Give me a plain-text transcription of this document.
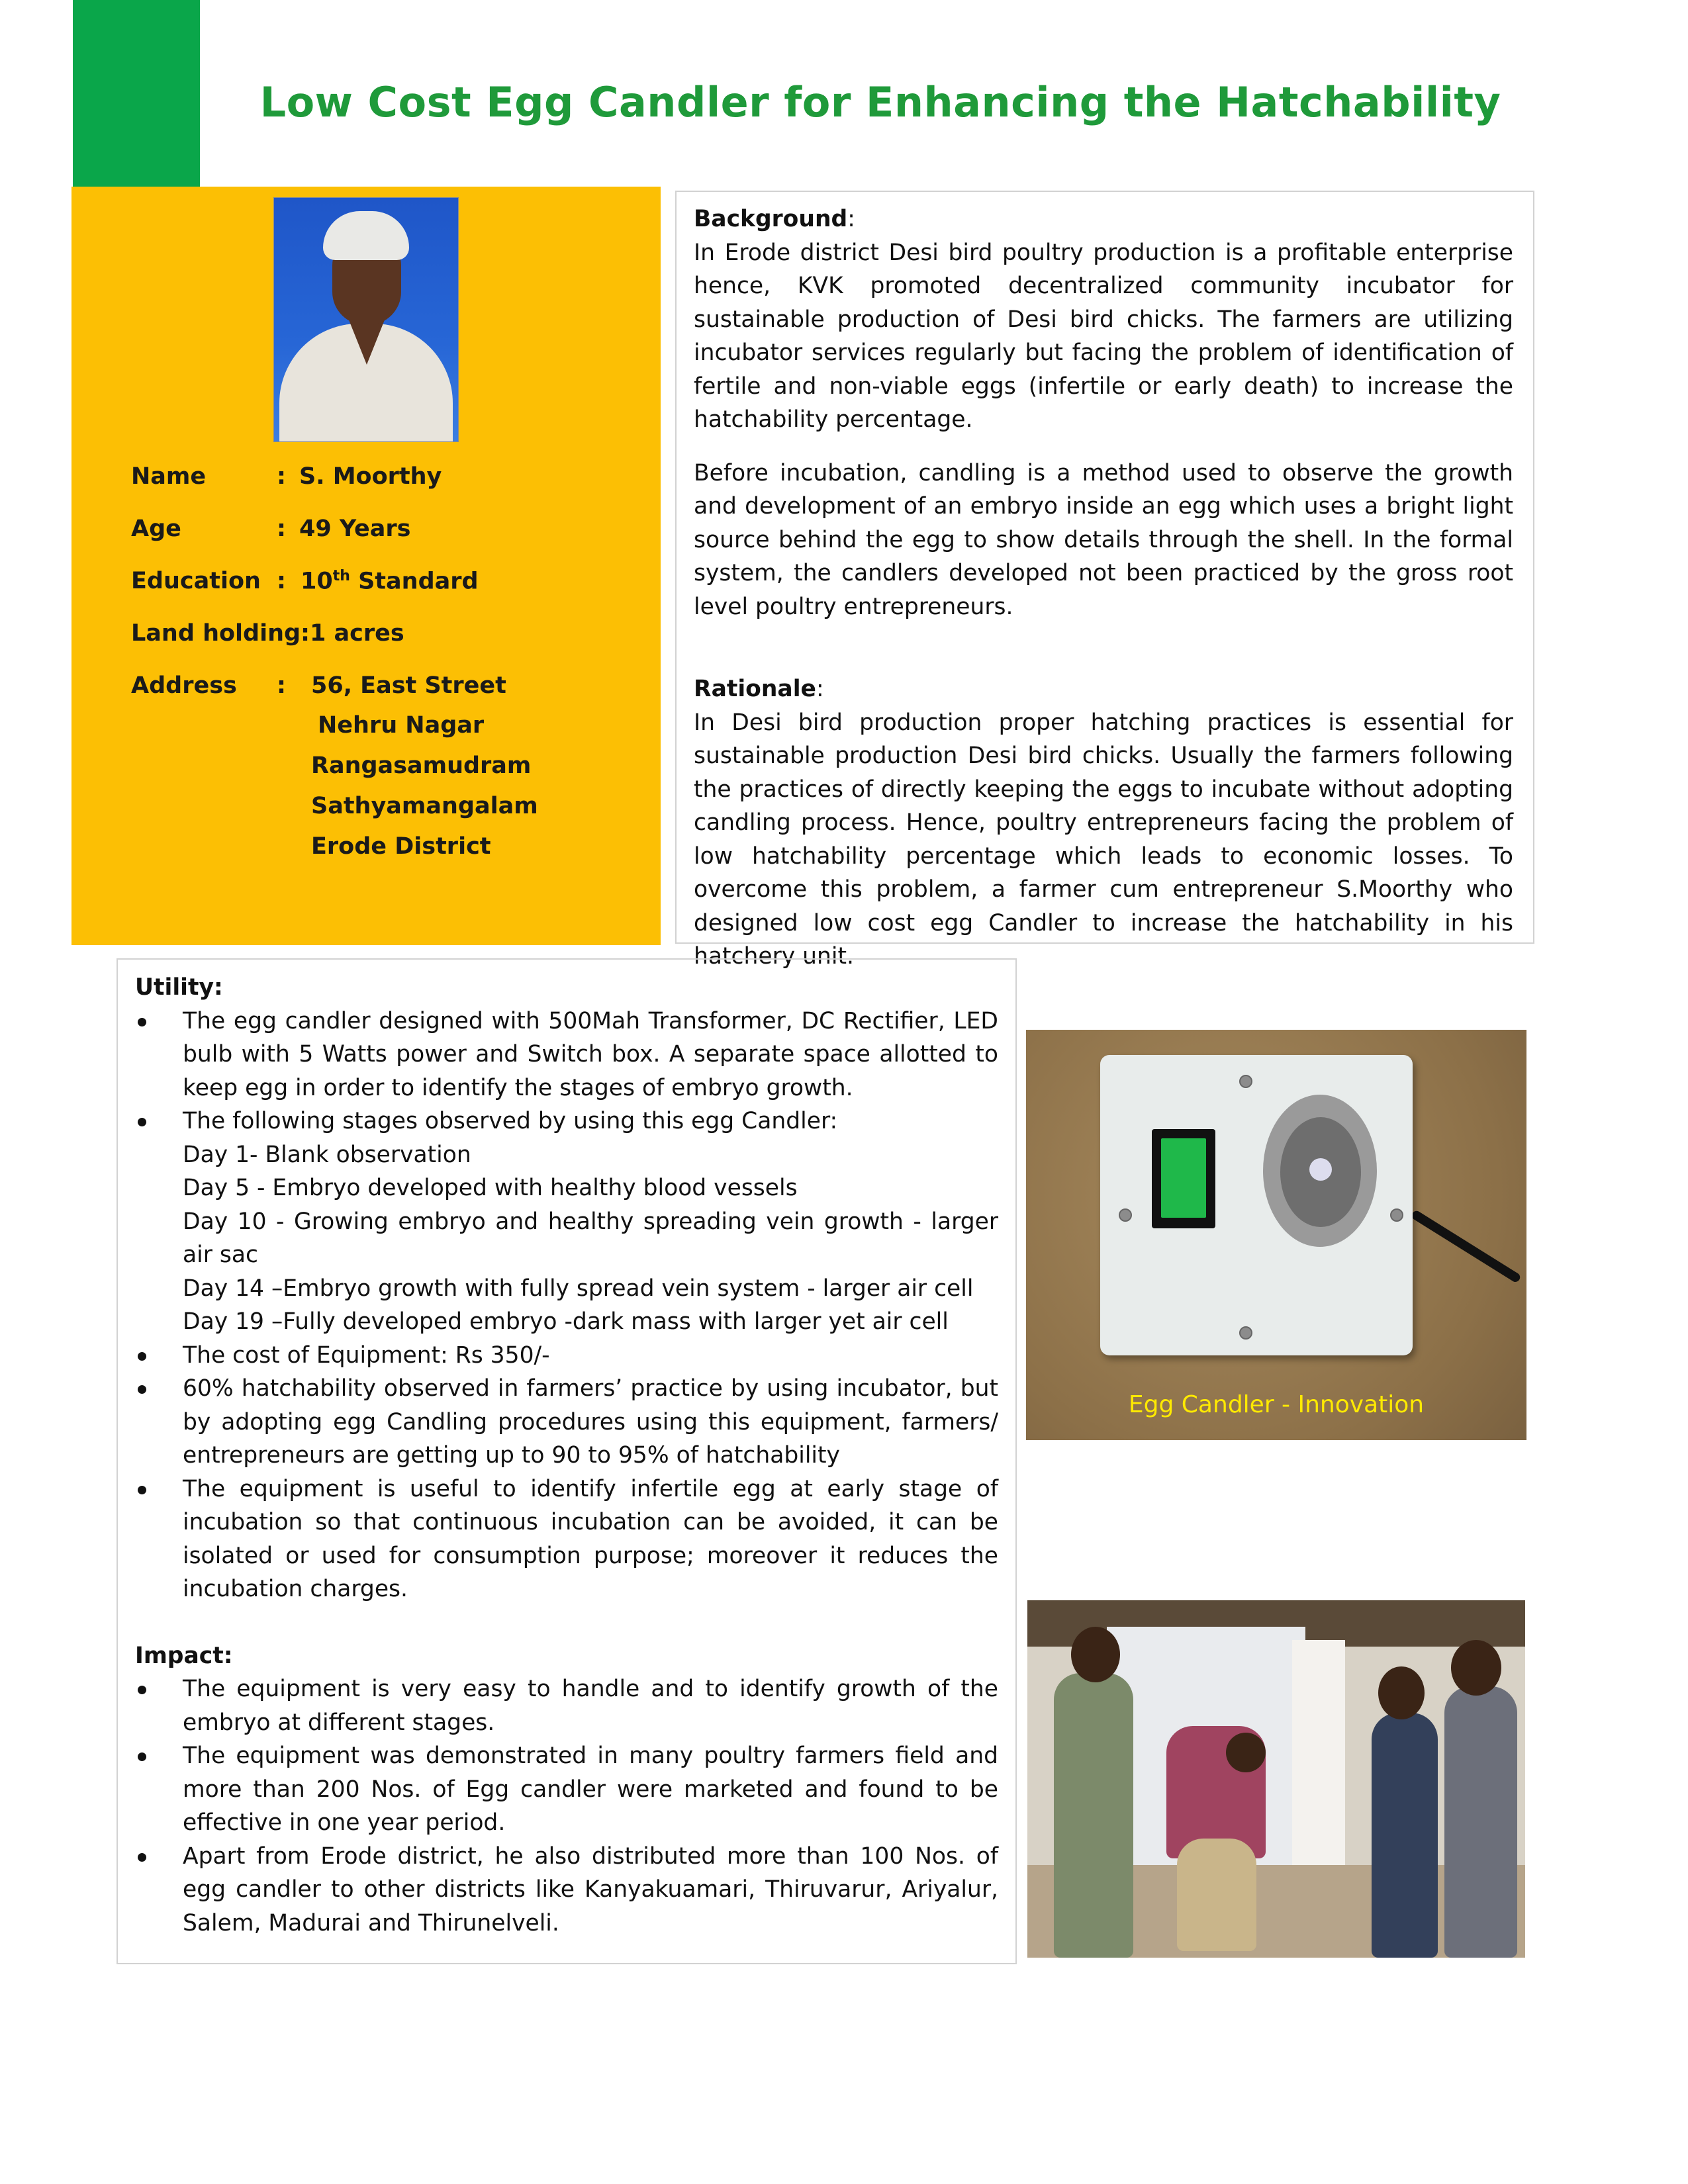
Low Cost Egg Candler for Enhancing the Hatchability
Name	: S. Moorthy
Age	: 49 Years
Education : 10th Standard
Land holding: 1 acres
Address : 56, East Street
Nehru Nagar
Rangasamudram
Sathyamangalam
Erode District

Background:

In Erode district Desi bird poultry production is a profitable enterprise hence, KVK promoted decentralized community incubator for sustainable production of Desi bird chicks. The farmers are utilizing incubator services regularly but facing the problem of identification of fertile and non-viable eggs (infertile or early death) to increase the hatchability percentage.

Before incubation, candling is a method used to observe the growth and development of an embryo inside an egg which uses a bright light source behind the egg to show details through the shell. In the formal system, the candlers developed not been practiced by the gross root level poultry entrepreneurs.

Rationale:

In Desi bird production proper hatching practices is essential for sustainable production Desi bird chicks. Usually the farmers following the practices of directly keeping the eggs to incubate without adopting candling process. Hence, poultry entrepreneurs facing the problem of low hatchability percentage which leads to economic losses. To overcome this problem, a farmer cum entrepreneur S.Moorthy who designed low cost egg Candler to increase the hatchability in his hatchery unit.

Utility:

The egg candler designed with 500Mah Transformer, DC Rectifier, LED bulb with 5 Watts power and Switch box. A separate space allotted to keep egg in order to identify the stages of embryo growth.
The following stages observed by using this egg Candler:
Day 1- Blank observation
Day 5 - Embryo developed with healthy blood vessels
Day 10 - Growing embryo and healthy spreading vein growth - larger air sac
Day 14 –Embryo growth with fully spread vein system - larger air cell
Day 19 –Fully developed embryo -dark mass with larger yet air cell
The cost of Equipment: Rs 350/-
60% hatchability observed in farmers’ practice by using incubator, but by adopting egg Candling procedures using this equipment, farmers/ entrepreneurs are getting up to 90 to 95% of hatchability
The equipment is useful to identify infertile egg at early stage of incubation so that continuous incubation can be avoided, it can be isolated or used for consumption purpose; moreover it reduces the incubation charges.

Impact:

The equipment is very easy to handle and to identify growth of the embryo at different stages.
The equipment was demonstrated in many poultry farmers field and more than 200 Nos. of Egg candler were marketed and found to be effective in one year period.
Apart from Erode district, he also distributed more than 100 Nos. of egg candler to other districts like Kanyakuamari, Thiruvarur, Ariyalur, Salem, Madurai and Thirunelveli.
Egg Candler - Innovation
